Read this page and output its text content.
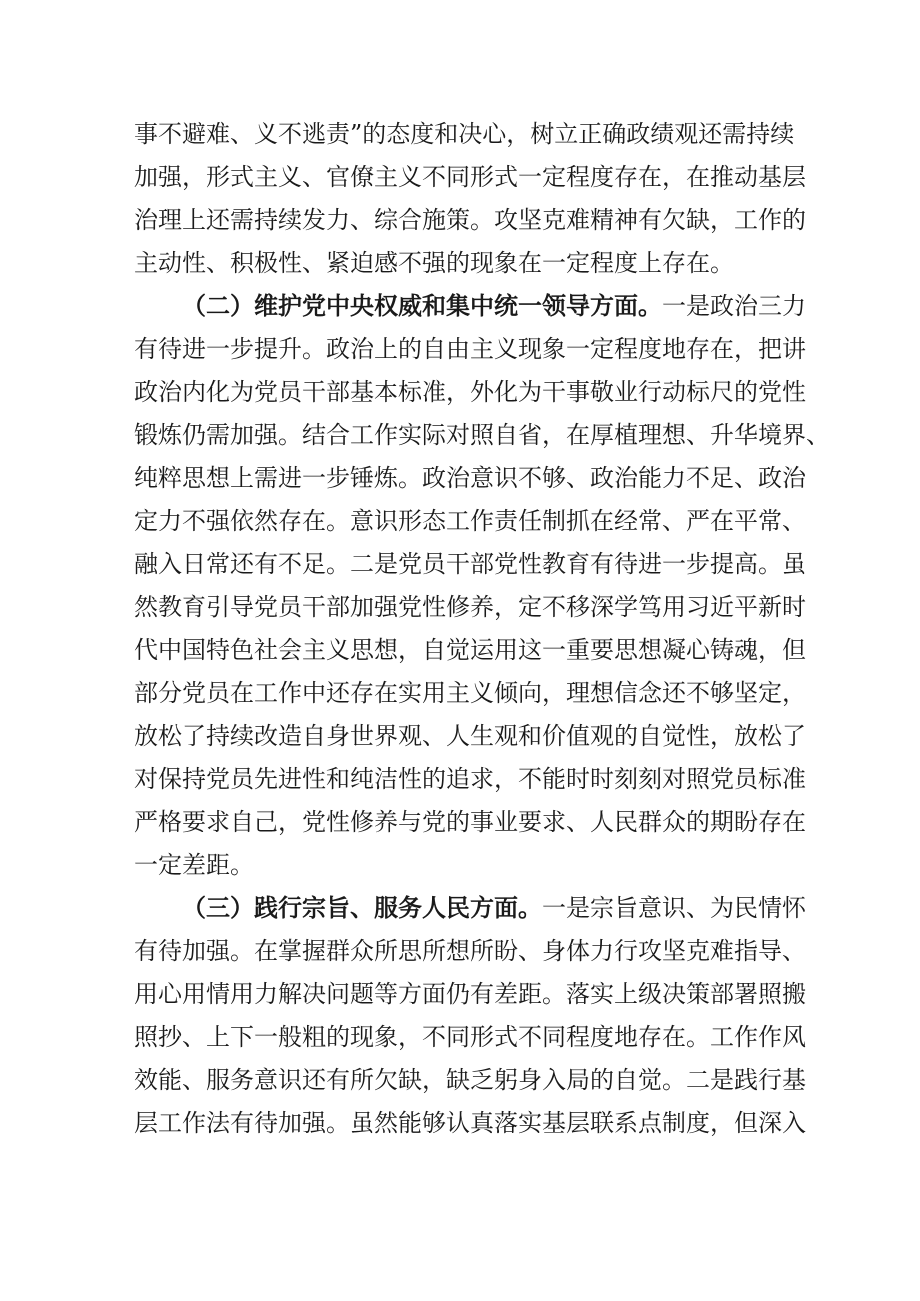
事不避难、义不逃责”的态度和决心，树立正确政绩观还需持续
加强，形式主义、官僚主义不同形式一定程度存在，在推动基层
治理上还需持续发力、综合施策。攻坚克难精神有欠缺，工作的
主动性、积极性、紧迫感不强的现象在一定程度上存在。
（二）维护党中央权威和集中统一领导方面。一是政治三力
有待进一步提升。政治上的自由主义现象一定程度地存在，把讲
政治内化为党员干部基本标准，外化为干事敬业行动标尺的党性
锻炼仍需加强。结合工作实际对照自省，在厚植理想、升华境界、
纯粹思想上需进一步锤炼。政治意识不够、政治能力不足、政治
定力不强依然存在。意识形态工作责任制抓在经常、严在平常、
融入日常还有不足。二是党员干部党性教育有待进一步提高。虽
然教育引导党员干部加强党性修养，定不移深学笃用习近平新时
代中国特色社会主义思想，自觉运用这一重要思想凝心铸魂，但
部分党员在工作中还存在实用主义倾向，理想信念还不够坚定，
放松了持续改造自身世界观、人生观和价值观的自觉性，放松了
对保持党员先进性和纯洁性的追求，不能时时刻刻对照党员标准
严格要求自己，党性修养与党的事业要求、人民群众的期盼存在
一定差距。
（三）践行宗旨、服务人民方面。一是宗旨意识、为民情怀
有待加强。在掌握群众所思所想所盼、身体力行攻坚克难指导、
用心用情用力解决问题等方面仍有差距。落实上级决策部署照搬
照抄、上下一般粗的现象，不同形式不同程度地存在。工作作风
效能、服务意识还有所欠缺，缺乏躬身入局的自觉。二是践行基
层工作法有待加强。虽然能够认真落实基层联系点制度，但深入
